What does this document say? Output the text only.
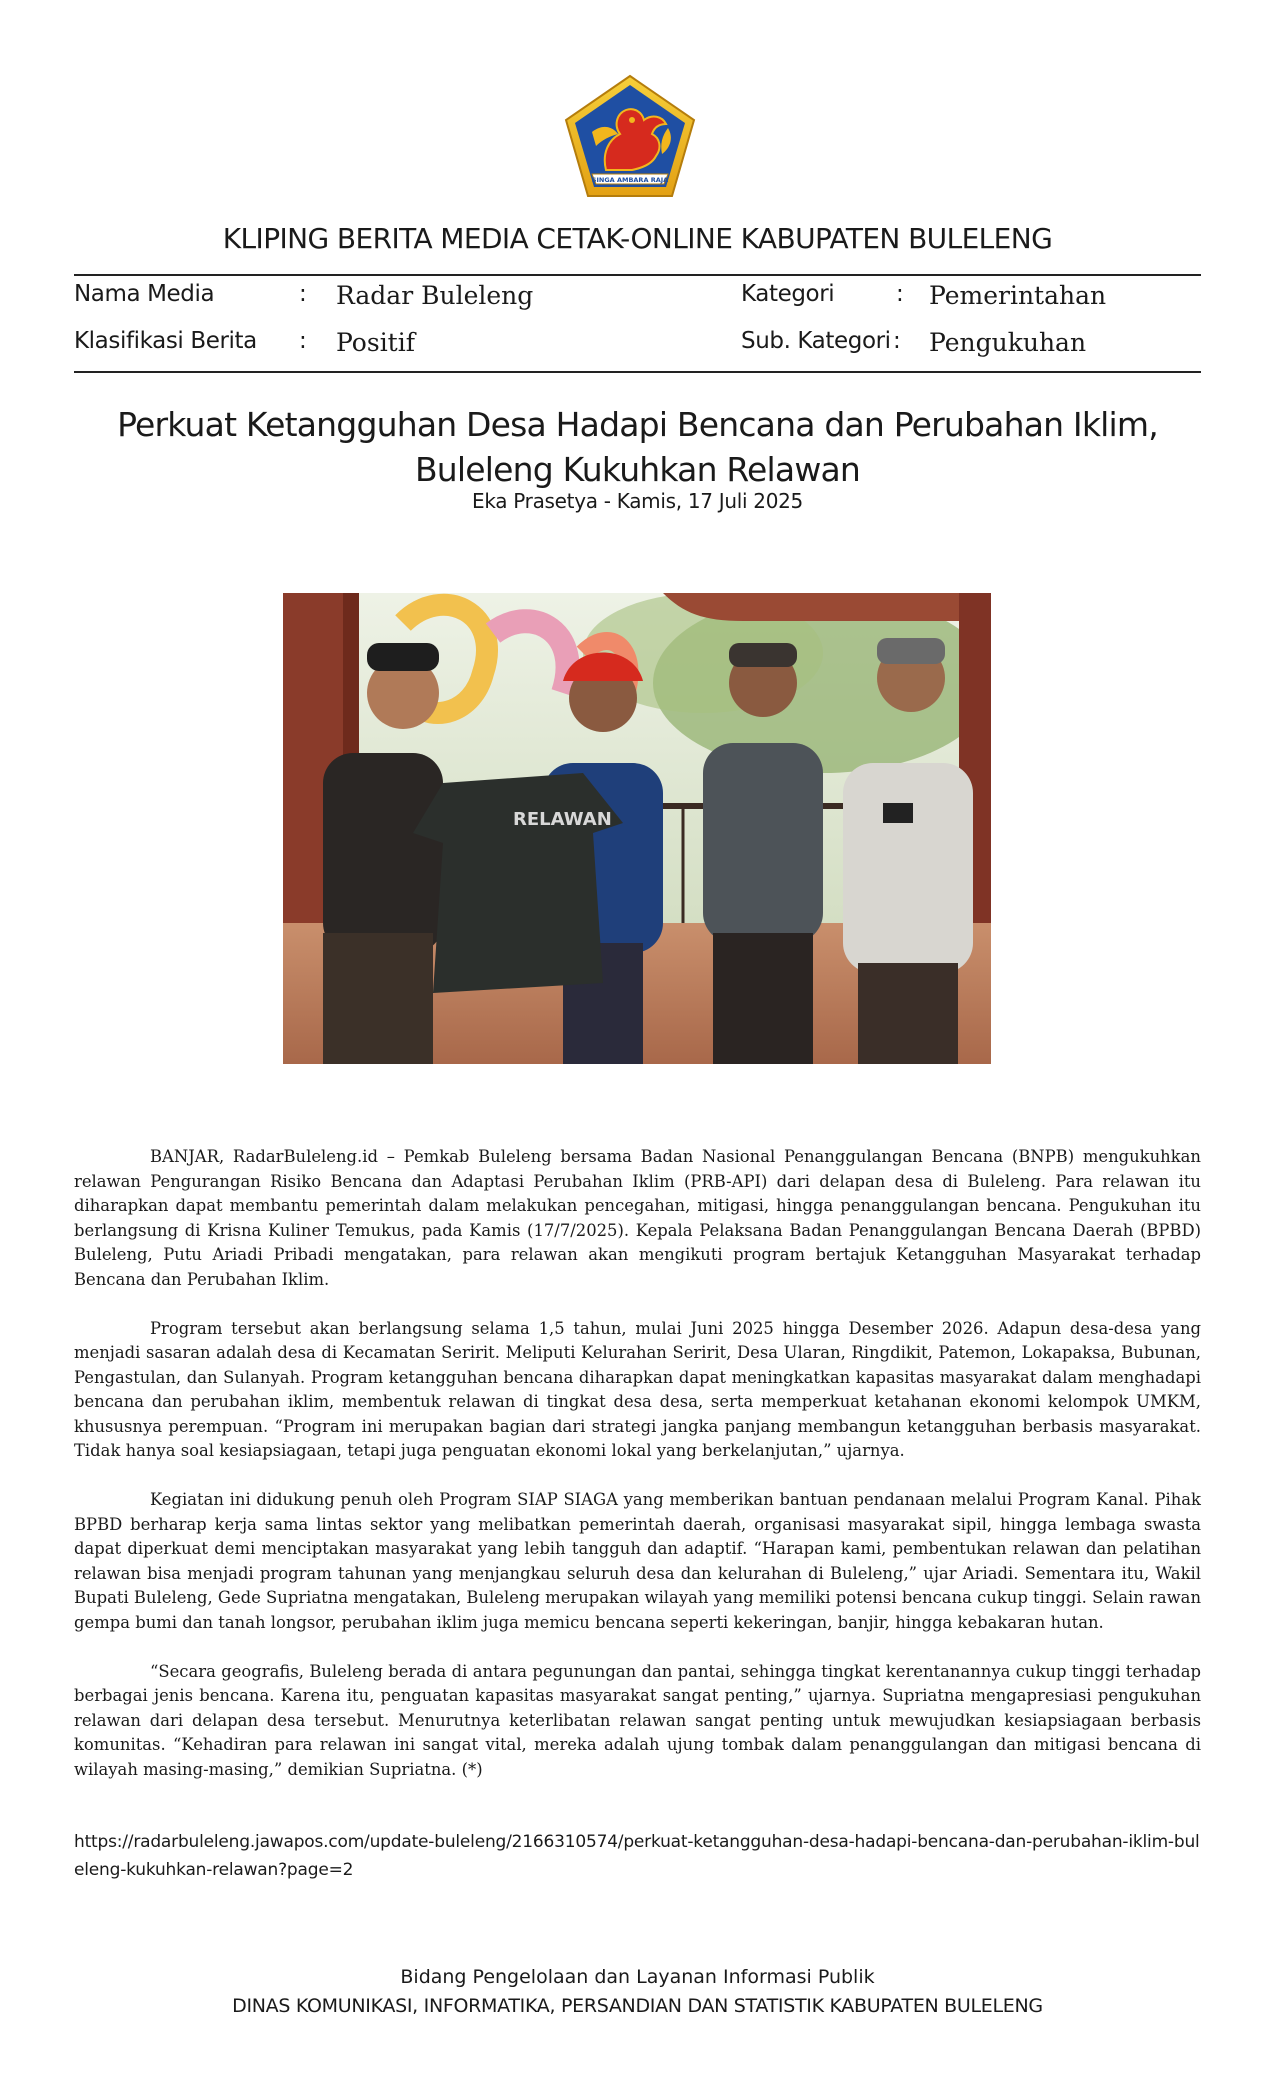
SINGA AMBARA RAJA
KLIPING BERITA MEDIA CETAK-ONLINE KABUPATEN BULELENG
Nama Media	: Radar Buleleng	Kategori	: Pemerintahan
Klasifikasi Berita : Positif	Sub. Kategori : Pengukuhan
Perkuat Ketangguhan Desa Hadapi Bencana dan Perubahan Iklim,
Buleleng Kukuhkan Relawan
Eka Prasetya - Kamis, 17 Juli 2025
RELAWAN

BANJAR, RadarBuleleng.id – Pemkab Buleleng bersama Badan Nasional Penanggulangan Bencana (BNPB) mengukuhkan relawan Pengurangan Risiko Bencana dan Adaptasi Perubahan Iklim (PRB-API) dari delapan desa di Buleleng. Para relawan itu diharapkan dapat membantu pemerintah dalam melakukan pencegahan, mitigasi, hingga penanggulangan bencana. Pengukuhan itu berlangsung di Krisna Kuliner Temukus, pada Kamis (17/7/2025). Kepala Pelaksana Badan Penanggulangan Bencana Daerah (BPBD) Buleleng, Putu Ariadi Pribadi mengatakan, para relawan akan mengikuti program bertajuk Ketangguhan Masyarakat terhadap Bencana dan Perubahan Iklim.

Program tersebut akan berlangsung selama 1,5 tahun, mulai Juni 2025 hingga Desember 2026. Adapun desa-desa yang menjadi sasaran adalah desa di Kecamatan Seririt. Meliputi Kelurahan Seririt, Desa Ularan, Ringdikit, Patemon, Lokapaksa, Bubunan, Pengastulan, dan Sulanyah. Program ketangguhan bencana diharapkan dapat meningkatkan kapasitas masyarakat dalam menghadapi bencana dan perubahan iklim, membentuk relawan di tingkat desa desa, serta memperkuat ketahanan ekonomi kelompok UMKM, khususnya perempuan. “Program ini merupakan bagian dari strategi jangka panjang membangun ketangguhan berbasis masyarakat. Tidak hanya soal kesiapsiagaan, tetapi juga penguatan ekonomi lokal yang berkelanjutan,” ujarnya.

Kegiatan ini didukung penuh oleh Program SIAP SIAGA yang memberikan bantuan pendanaan melalui Program Kanal. Pihak BPBD berharap kerja sama lintas sektor yang melibatkan pemerintah daerah, organisasi masyarakat sipil, hingga lembaga swasta dapat diperkuat demi menciptakan masyarakat yang lebih tangguh dan adaptif. “Harapan kami, pembentukan relawan dan pelatihan relawan bisa menjadi program tahunan yang menjangkau seluruh desa dan kelurahan di Buleleng,” ujar Ariadi. Sementara itu, Wakil Bupati Buleleng, Gede Supriatna mengatakan, Buleleng merupakan wilayah yang memiliki potensi bencana cukup tinggi. Selain rawan gempa bumi dan tanah longsor, perubahan iklim juga memicu bencana seperti kekeringan, banjir, hingga kebakaran hutan.

“Secara geografis, Buleleng berada di antara pegunungan dan pantai, sehingga tingkat kerentanannya cukup tinggi terhadap berbagai jenis bencana. Karena itu, penguatan kapasitas masyarakat sangat penting,” ujarnya. Supriatna mengapresiasi pengukuhan relawan dari delapan desa tersebut. Menurutnya keterlibatan relawan sangat penting untuk mewujudkan kesiapsiagaan berbasis komunitas. “Kehadiran para relawan ini sangat vital, mereka adalah ujung tombak dalam penanggulangan dan mitigasi bencana di wilayah masing-masing,” demikian Supriatna. (*)

https://radarbuleleng.jawapos.com/update-buleleng/2166310574/perkuat-ketangguhan-desa-hadapi-bencana-dan-perubahan-iklim-buleleng-kukuhkan-relawan?page=2
Bidang Pengelolaan dan Layanan Informasi Publik
DINAS KOMUNIKASI, INFORMATIKA, PERSANDIAN DAN STATISTIK KABUPATEN BULELENG
